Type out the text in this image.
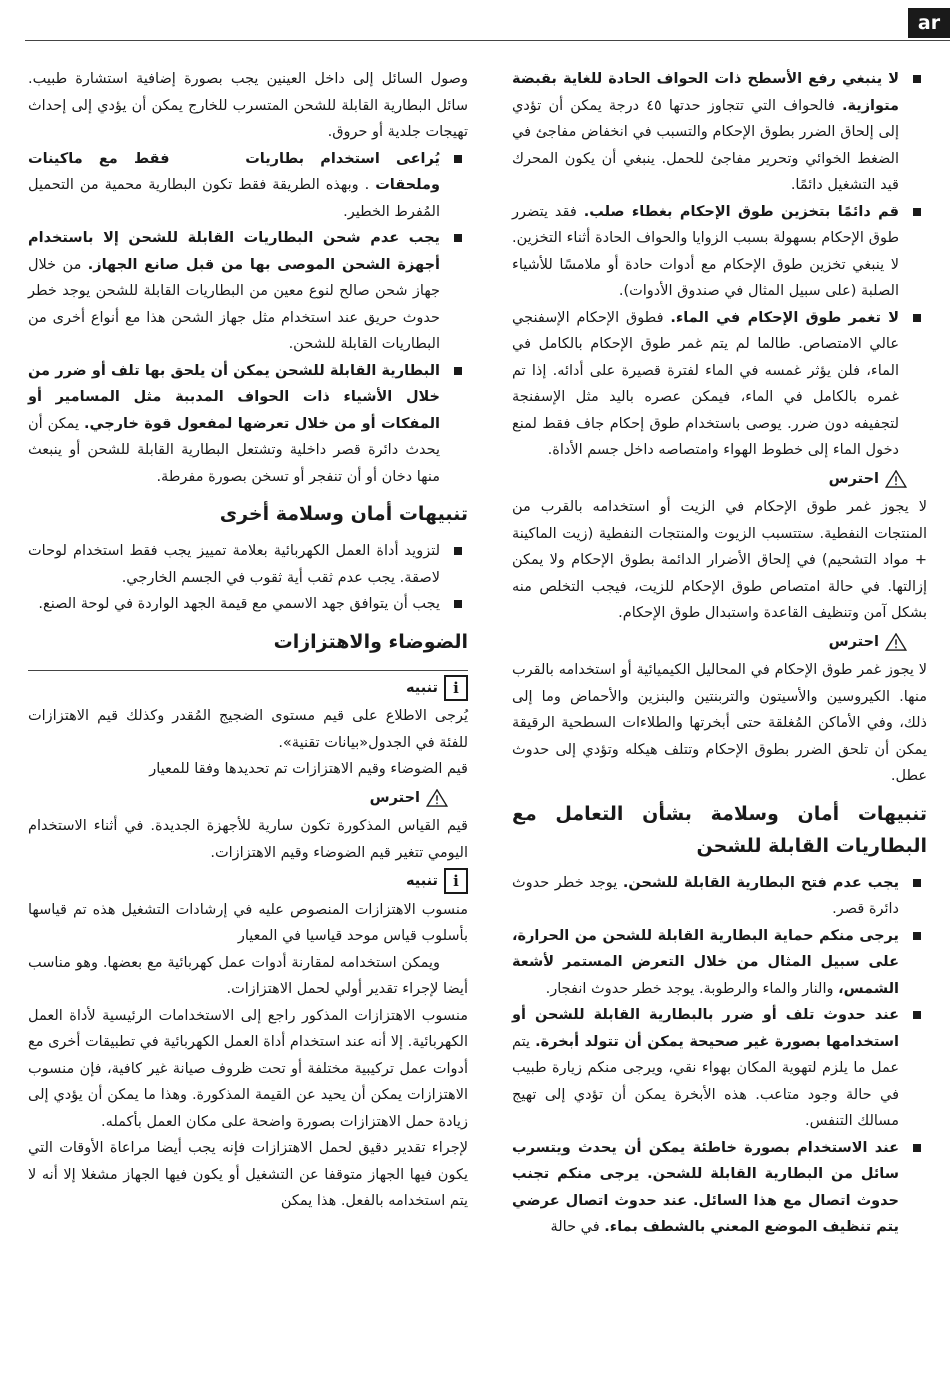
ar
لا ينبغي رفع الأسطح ذات الحواف الحادة للغاية بقبضة متوازية. فالحواف التي تتجاوز حدتها ٤٥ درجة يمكن أن تؤدي إلى إلحاق الضرر بطوق الإحكام والتسبب في انخفاض مفاجئ في الضغط الخوائي وتحرير مفاجئ للحمل. ينبغي أن يكون المحرك قيد التشغيل دائمًا.
قم دائمًا بتخزين طوق الإحكام بغطاء صلب. فقد يتضرر طوق الإحكام بسهولة بسبب الزوايا والحواف الحادة أثناء التخزين. لا ينبغي تخزين طوق الإحكام مع أدوات حادة أو ملامسًا للأشياء الصلبة (على سبيل المثال في صندوق الأدوات).
لا تغمر طوق الإحكام في الماء. فطوق الإحكام الإسفنجي عالي الامتصاص. طالما لم يتم غمر طوق الإحكام بالكامل في الماء، فلن يؤثر غمسه في الماء لفترة قصيرة على أدائه. إذا تم غمره بالكامل في الماء، فيمكن عصره باليد مثل الإسفنجة لتجفيفه دون ضرر. يوصى باستخدام طوق إحكام جاف فقط لمنع دخول الماء إلى خطوط الهواء وامتصاصه داخل جسم الأداة.
احترس

لا يجوز غمر طوق الإحكام في الزيت أو استخدامه بالقرب من المنتجات النفطية. ستتسبب الزيوت والمنتجات النفطية (زيت الماكينة + مواد التشحيم) في إلحاق الأضرار الدائمة بطوق الإحكام ولا يمكن إزالتها. في حالة امتصاص طوق الإحكام للزيت، فيجب التخلص منه بشكل آمن وتنظيف القاعدة واستبدال طوق الإحكام.

احترس

لا يجوز غمر طوق الإحكام في المحاليل الكيميائية أو استخدامه بالقرب منها. الكيروسين والأسيتون والتربنتين والبنزين والأحماض وما إلى ذلك، وفي الأماكن المُغلقة حتى أبخرتها والطلاءات السطحية الرقيقة يمكن أن تلحق الضرر بطوق الإحكام وتتلف هيكله وتؤدي إلى حدوث عطل.

تنبيهات أمان وسلامة بشأن التعامل مع البطاريات القابلة للشحن
يجب عدم فتح البطارية القابلة للشحن. يوجد خطر حدوث دائرة قصر.
يرجى منكم حماية البطارية القابلة للشحن من الحرارة، على سبيل المثال من خلال التعرض المستمر لأشعة الشمس، والنار والماء والرطوبة. يوجد خطر حدوث انفجار.
عند حدوث تلف أو ضرر بالبطارية القابلة للشحن أو استخدامها بصورة غير صحيحة يمكن أن تتولد أبخرة. يتم عمل ما يلزم لتهوية المكان بهواء نقي، ويرجى منكم زيارة طبيب في حالة وجود متاعب. هذه الأبخرة يمكن أن تؤدي إلى تهيج مسالك التنفس.
عند الاستخدام بصورة خاطئة يمكن أن يحدث ويتسرب سائل من البطارية القابلة للشحن. يرجى منكم تجنب حدوث اتصال مع هذا السائل. عند حدوث اتصال عرضي يتم تنظيف الموضع المعني بالشطف بماء. في حالة

وصول السائل إلى داخل العينين يجب بصورة إضافية استشارة طبيب. سائل البطارية القابلة للشحن المتسرب للخارج يمكن أن يؤدي إلى إحداث تهيجات جلدية أو حروق.

يُراعى استخدام بطاريات فقط مع ماكينات وملحقات . وبهذه الطريقة فقط تكون البطارية محمية من التحميل المُفرط الخطير.
يجب عدم شحن البطاريات القابلة للشحن إلا باستخدام أجهزة الشحن الموصى بها من قبل صانع الجهاز. من خلال جهاز شحن صالح لنوع معين من البطاريات القابلة للشحن يوجد خطر حدوث حريق عند استخدام مثل جهاز الشحن هذا مع أنواع أخرى من البطاريات القابلة للشحن.
البطارية القابلة للشحن يمكن أن يلحق بها تلف أو ضرر من خلال الأشياء ذات الحواف المدببة مثل المسامير أو المفكات أو من خلال تعرضها لمفعول قوة خارجي. يمكن أن يحدث دائرة قصر داخلية وتشتعل البطارية القابلة للشحن أو ينبعث منها دخان أو أن تنفجر أو تسخن بصورة مفرطة.
تنبيهات أمان وسلامة أخرى
لتزويد أداة العمل الكهربائية بعلامة تمييز يجب فقط استخدام لوحات لاصقة. يجب عدم ثقب أية ثقوب في الجسم الخارجي.
يجب أن يتوافق جهد الاسمي مع قيمة الجهد الواردة في لوحة الصنع.
الضوضاء والاهتزازات
i
تنبيه

يُرجى الاطلاع على قيم مستوى الضجيج المُقدر وكذلك قيم الاهتزازات للفئة في الجدول«بيانات تقنية».

قيم الضوضاء وقيم الاهتزازات تم تحديدها وفقا للمعيار

احترس

قيم القياس المذكورة تكون سارية للأجهزة الجديدة. في أثناء الاستخدام اليومي تتغير قيم الضوضاء وقيم الاهتزازات.

i
تنبيه

منسوب الاهتزازات المنصوص عليه في إرشادات التشغيل هذه تم قياسها بأسلوب قياس موحد قياسيا في المعيار

ويمكن استخدامه لمقارنة أدوات عمل كهربائية مع بعضها. وهو مناسب أيضا لإجراء تقدير أولي لحمل الاهتزازات.

منسوب الاهتزازات المذكور راجع إلى الاستخدامات الرئيسية لأداة العمل الكهربائية. إلا أنه عند استخدام أداة العمل الكهربائية في تطبيقات أخرى مع أدوات عمل تركيبية مختلفة أو تحت ظروف صيانة غير كافية، فإن منسوب الاهتزازات يمكن أن يحيد عن القيمة المذكورة. وهذا ما يمكن أن يؤدي إلى زيادة حمل الاهتزازات بصورة واضحة على مكان العمل بأكمله.

لإجراء تقدير دقيق لحمل الاهتزازات فإنه يجب أيضا مراعاة الأوقات التي يكون فيها الجهاز متوقفا عن التشغيل أو يكون فيها الجهاز مشغلا إلا أنه لا يتم استخدامه بالفعل. هذا يمكن
